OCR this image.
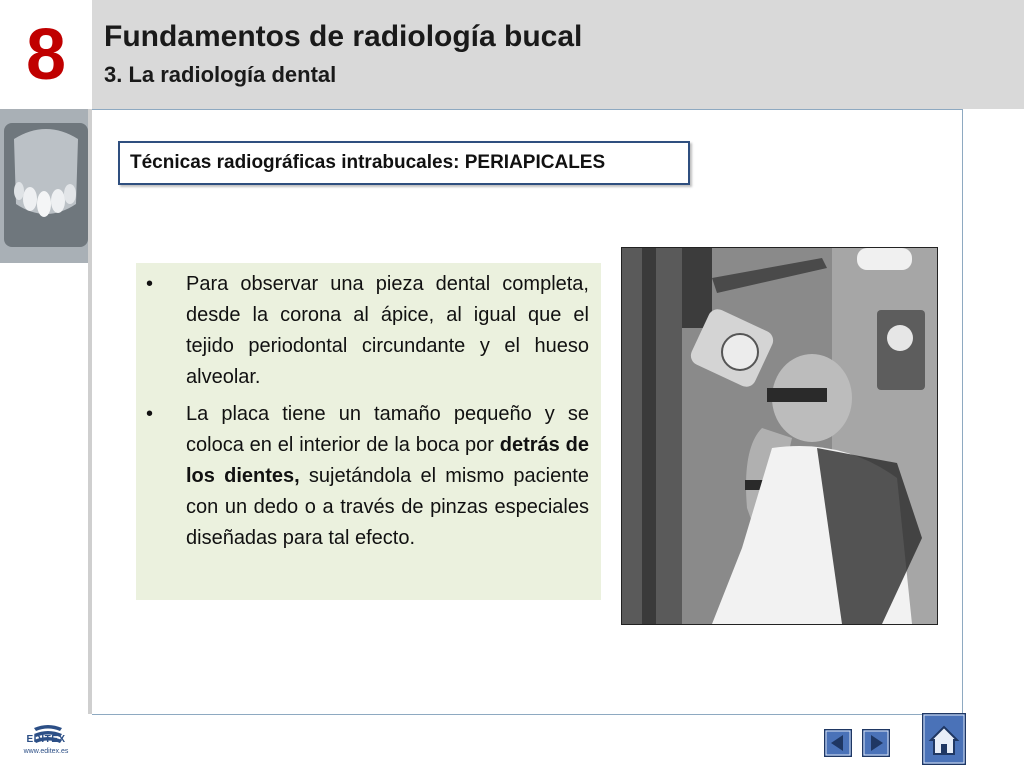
8	Fundamentos de radiología bucal
3. La radiología dental
Técnicas radiográficas intrabucales: PERIAPICALES
• Para observar una pieza dental completa, desde la corona al ápice, al igual que el tejido periodontal circundante y el hueso alveolar.
• La placa tiene un tamaño pequeño y se coloca en el interior de la boca por detrás de los dientes, sujetándola el mismo paciente con un dedo o a través de pinzas especiales diseñadas para tal efecto.
EDITEX
www.editex.es
